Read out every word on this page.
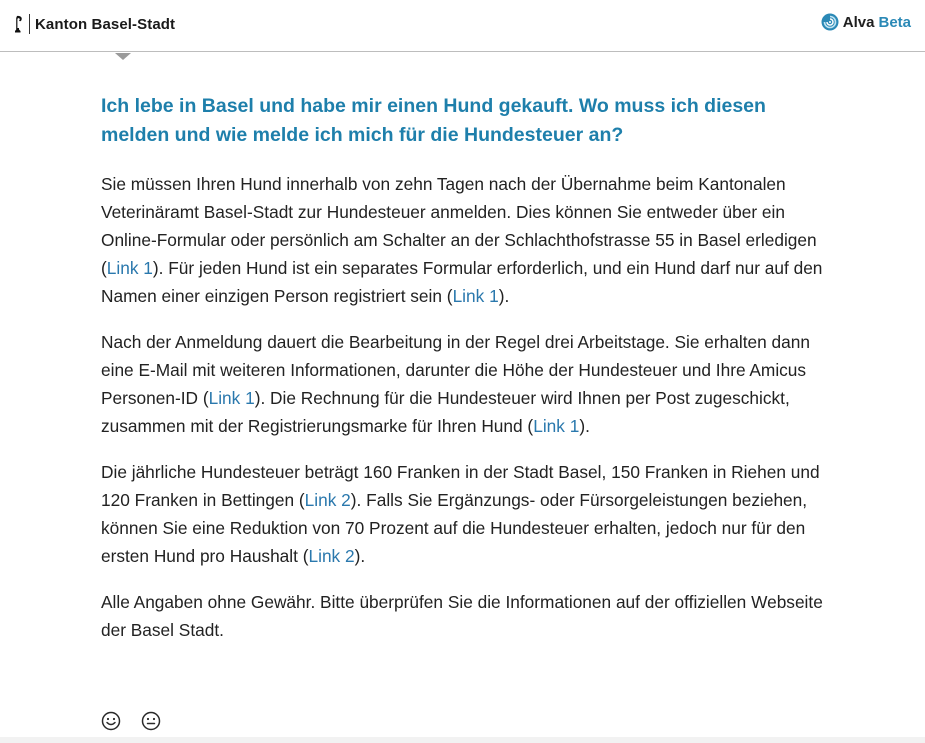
Kanton Basel-Stadt	Alva Beta
Ich lebe in Basel und habe mir einen Hund gekauft. Wo muss ich diesen melden und wie melde ich mich für die Hundesteuer an?

Sie müssen Ihren Hund innerhalb von zehn Tagen nach der Übernahme beim Kantonalen Veterinäramt Basel-Stadt zur Hundesteuer anmelden. Dies können Sie entweder über ein Online-Formular oder persönlich am Schalter an der Schlachthofstrasse 55 in Basel erledigen (Link 1). Für jeden Hund ist ein separates Formular erforderlich, und ein Hund darf nur auf den Namen einer einzigen Person registriert sein (Link 1).

Nach der Anmeldung dauert die Bearbeitung in der Regel drei Arbeitstage. Sie erhalten dann eine E-Mail mit weiteren Informationen, darunter die Höhe der Hundesteuer und Ihre Amicus Personen-ID (Link 1). Die Rechnung für die Hundesteuer wird Ihnen per Post zugeschickt, zusammen mit der Registrierungsmarke für Ihren Hund (Link 1).

Die jährliche Hundesteuer beträgt 160 Franken in der Stadt Basel, 150 Franken in Riehen und 120 Franken in Bettingen (Link 2). Falls Sie Ergänzungs- oder Fürsorgeleistungen beziehen, können Sie eine Reduktion von 70 Prozent auf die Hundesteuer erhalten, jedoch nur für den ersten Hund pro Haushalt (Link 2).

Alle Angaben ohne Gewähr. Bitte überprüfen Sie die Informationen auf der offiziellen Webseite der Basel Stadt.
